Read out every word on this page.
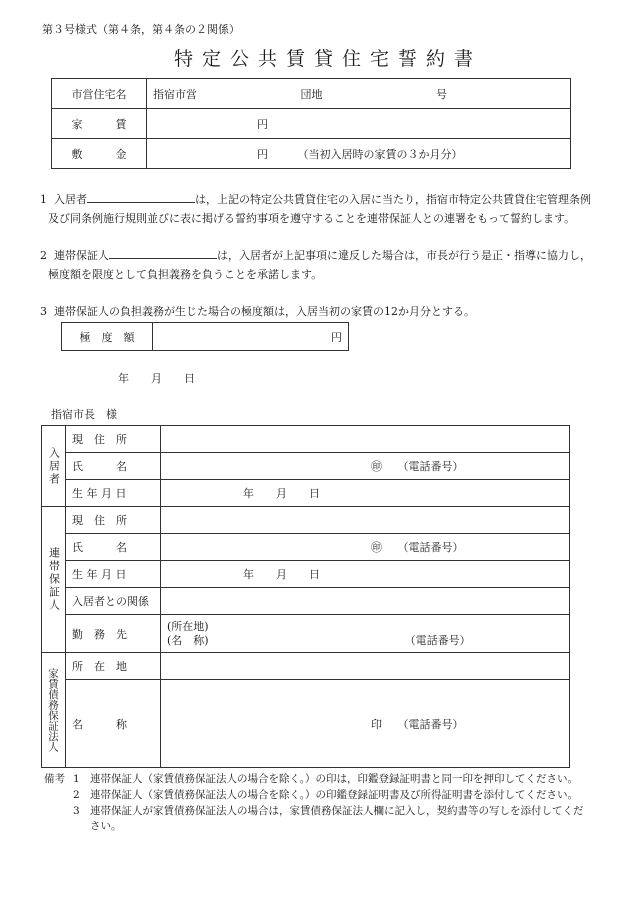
第３号様式（第４条，第４条の２関係）
特定公共賃貸住宅誓約書
市営住宅名	指宿市営 団地 号
家　　　賃	円
敷　　　金	円 （当初入居時の家賃の３か月分）
1 入居者	は，上記の特定公共賃貸住宅の入居に当たり，指宿市特定公共賃貸住宅管理条例
及び同条例施行規則並びに表に掲げる誓約事項を遵守することを連帯保証人との連署をもって誓約します。
2 連帯保証人	は，入居者が上記事項に違反した場合は，市長が行う是正・指導に協力し，
極度額を限度として負担義務を負うことを承諾します。
3 連帯保証人の負担義務が生じた場合の極度額は，入居当初の家賃の12か月分とする。
極　度　額	円
年　　月　　日
指宿市長　様
入居者	現　住　所	
	氏　　　名	㊞ （電話番号）
	生 年 月 日	年　　月　　日
連帯保証人	現　住　所	
	氏　　　名	㊞ （電話番号）
	生 年 月 日	年　　月　　日
	入居者との関係	
	勤　務　先	(所在地)
(名　称) （電話番号）

家賃債務保証法人	所　在　地	
	名　　　称	印 （電話番号）
備考 1 連帯保証人（家賃債務保証法人の場合を除く。）の印は，印鑑登録証明書と同一印を押印してください。
2 連帯保証人（家賃債務保証法人の場合を除く。）の印鑑登録証明書及び所得証明書を添付してください。
3 連帯保証人が家賃債務保証法人の場合は，家賃債務保証法人欄に記入し，契約書等の写しを添付してくだ
さい。
